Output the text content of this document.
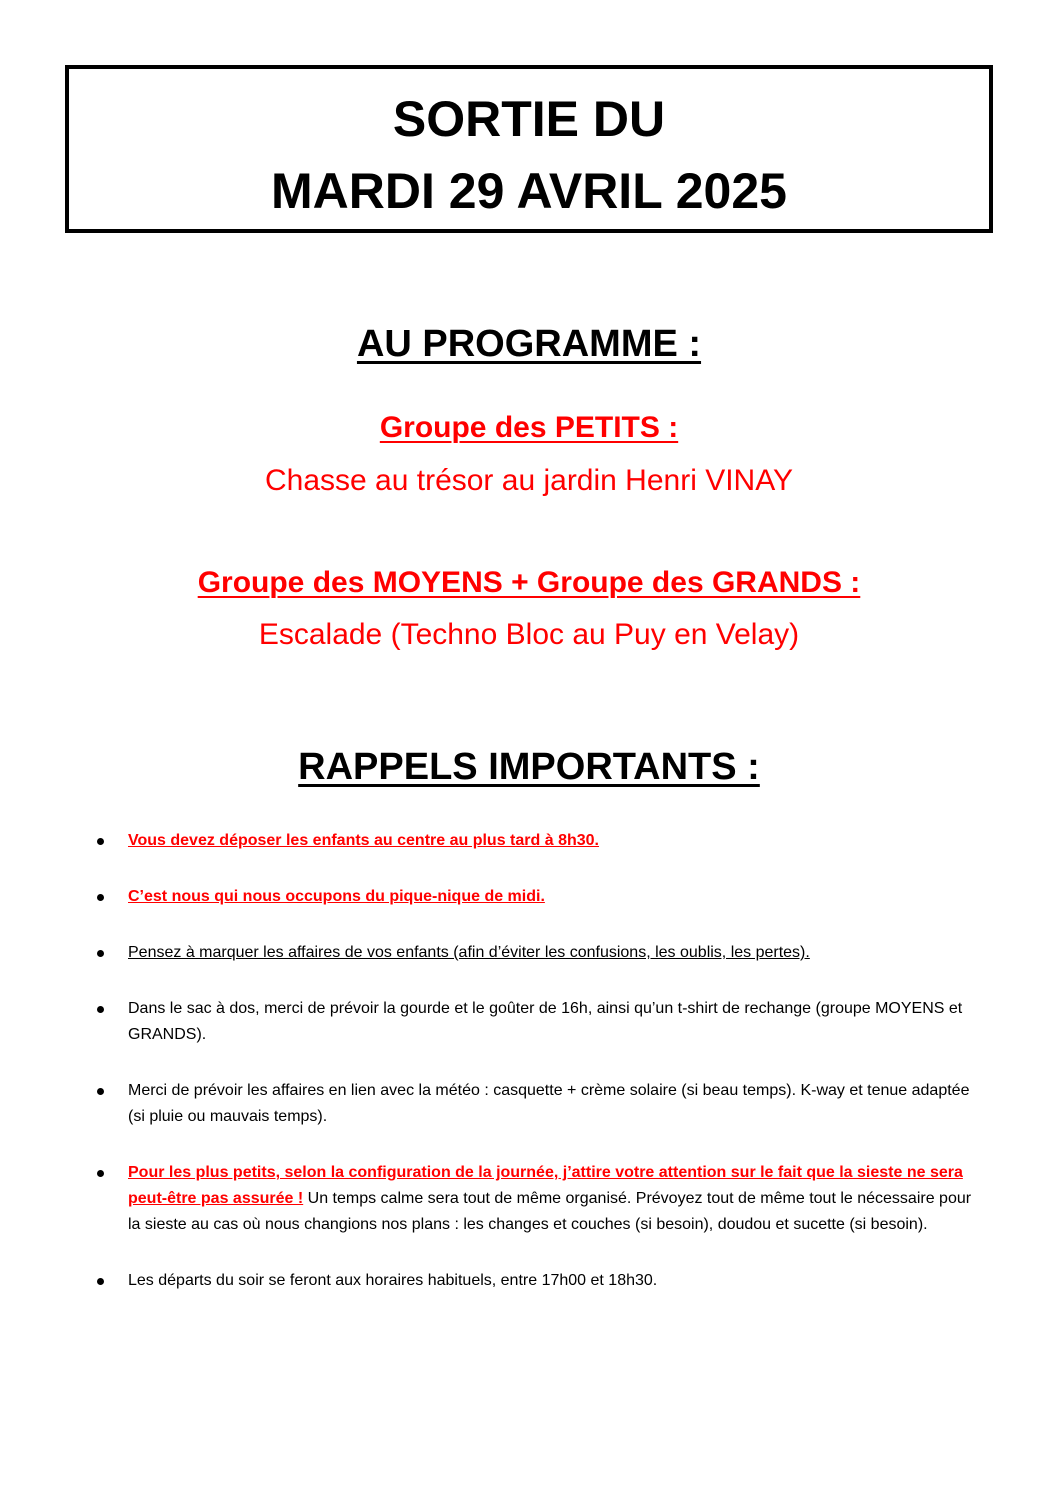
SORTIE DU
MARDI 29 AVRIL 2025
AU PROGRAMME :
Groupe des PETITS :
Chasse au trésor au jardin Henri VINAY
Groupe des MOYENS + Groupe des GRANDS :
Escalade (Techno Bloc au Puy en Velay)
RAPPELS IMPORTANTS :
Vous devez déposer les enfants au centre au plus tard à 8h30.
C’est nous qui nous occupons du pique-nique de midi.
Pensez à marquer les affaires de vos enfants (afin d’éviter les confusions, les oublis, les pertes).
Dans le sac à dos, merci de prévoir la gourde et le goûter de 16h, ainsi qu’un t-shirt de rechange (groupe MOYENS et GRANDS).
Merci de prévoir les affaires en lien avec la météo : casquette + crème solaire (si beau temps). K-way et tenue adaptée (si pluie ou mauvais temps).
Pour les plus petits, selon la configuration de la journée, j’attire votre attention sur le fait que la sieste ne sera peut-être pas assurée ! Un temps calme sera tout de même organisé. Prévoyez tout de même tout le nécessaire pour la sieste au cas où nous changions nos plans : les changes et couches (si besoin), doudou et sucette (si besoin).
Les départs du soir se feront aux horaires habituels, entre 17h00 et 18h30.
